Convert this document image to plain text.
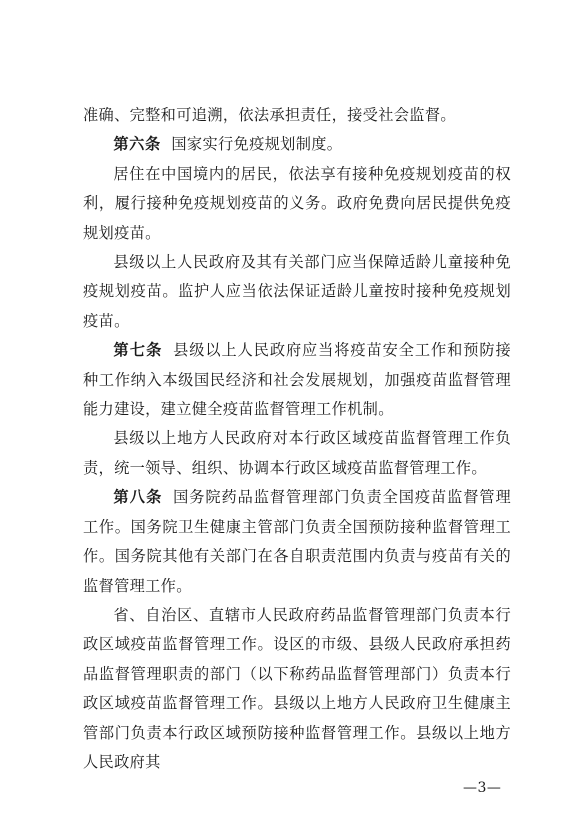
准确、完整和可追溯，依法承担责任，接受社会监督。

第六条 国家实行免疫规划制度。

居住在中国境内的居民，依法享有接种免疫规划疫苗的权利，履行接种免疫规划疫苗的义务。政府免费向居民提供免疫规划疫苗。

县级以上人民政府及其有关部门应当保障适龄儿童接种免疫规划疫苗。监护人应当依法保证适龄儿童按时接种免疫规划疫苗。

第七条 县级以上人民政府应当将疫苗安全工作和预防接种工作纳入本级国民经济和社会发展规划，加强疫苗监督管理能力建设，建立健全疫苗监督管理工作机制。

县级以上地方人民政府对本行政区域疫苗监督管理工作负责，统一领导、组织、协调本行政区域疫苗监督管理工作。

第八条 国务院药品监督管理部门负责全国疫苗监督管理工作。国务院卫生健康主管部门负责全国预防接种监督管理工作。国务院其他有关部门在各自职责范围内负责与疫苗有关的监督管理工作。

省、自治区、直辖市人民政府药品监督管理部门负责本行政区域疫苗监督管理工作。设区的市级、县级人民政府承担药品监督管理职责的部门（以下称药品监督管理部门）负责本行政区域疫苗监督管理工作。县级以上地方人民政府卫生健康主管部门负责本行政区域预防接种监督管理工作。县级以上地方人民政府其

—3—
